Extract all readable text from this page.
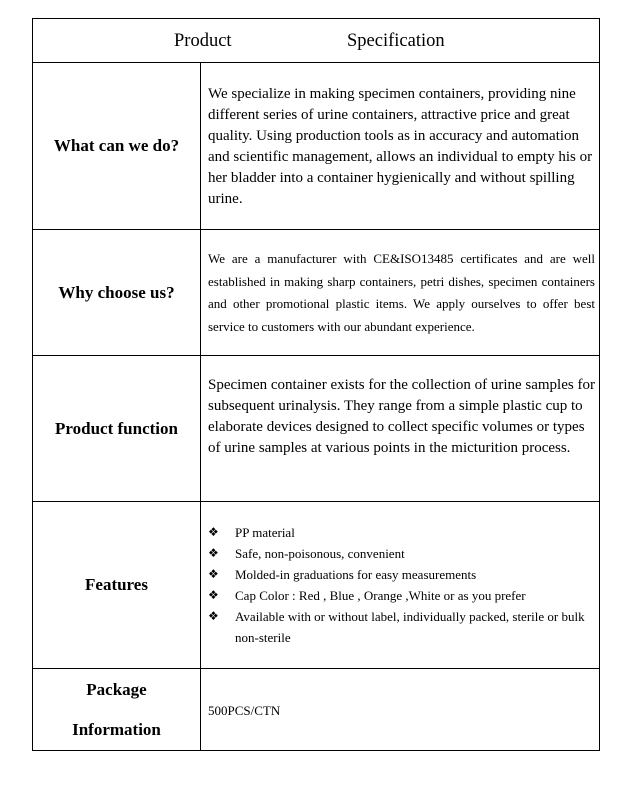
Product	Specification
What can we do?

We specialize in making specimen containers, providing nine different series of urine containers, attractive price and great quality. Using production tools as in accuracy and automation and scientific management, allows an individual to empty his or her bladder into a container hygienically and without spilling urine.

Why choose us?

We are a manufacturer with CE&ISO13485 certificates and are well established in making sharp containers, petri dishes, specimen containers and other promotional plastic items. We apply ourselves to offer best service to customers with our abundant experience.

Product function

Specimen container exists for the collection of urine samples for subsequent urinalysis. They range from a simple plastic cup to elaborate devices designed to collect specific volumes or types of urine samples at various points in the micturition process.

Features
❖ PP material
❖ Safe, non-poisonous, convenient
❖ Molded-in graduations for easy measurements
❖ Cap Color : Red , Blue , Orange ,White or as you prefer
❖ Available with or without label, individually packed, sterile or bulk non-sterile
Package
Information
500PCS/CTN
